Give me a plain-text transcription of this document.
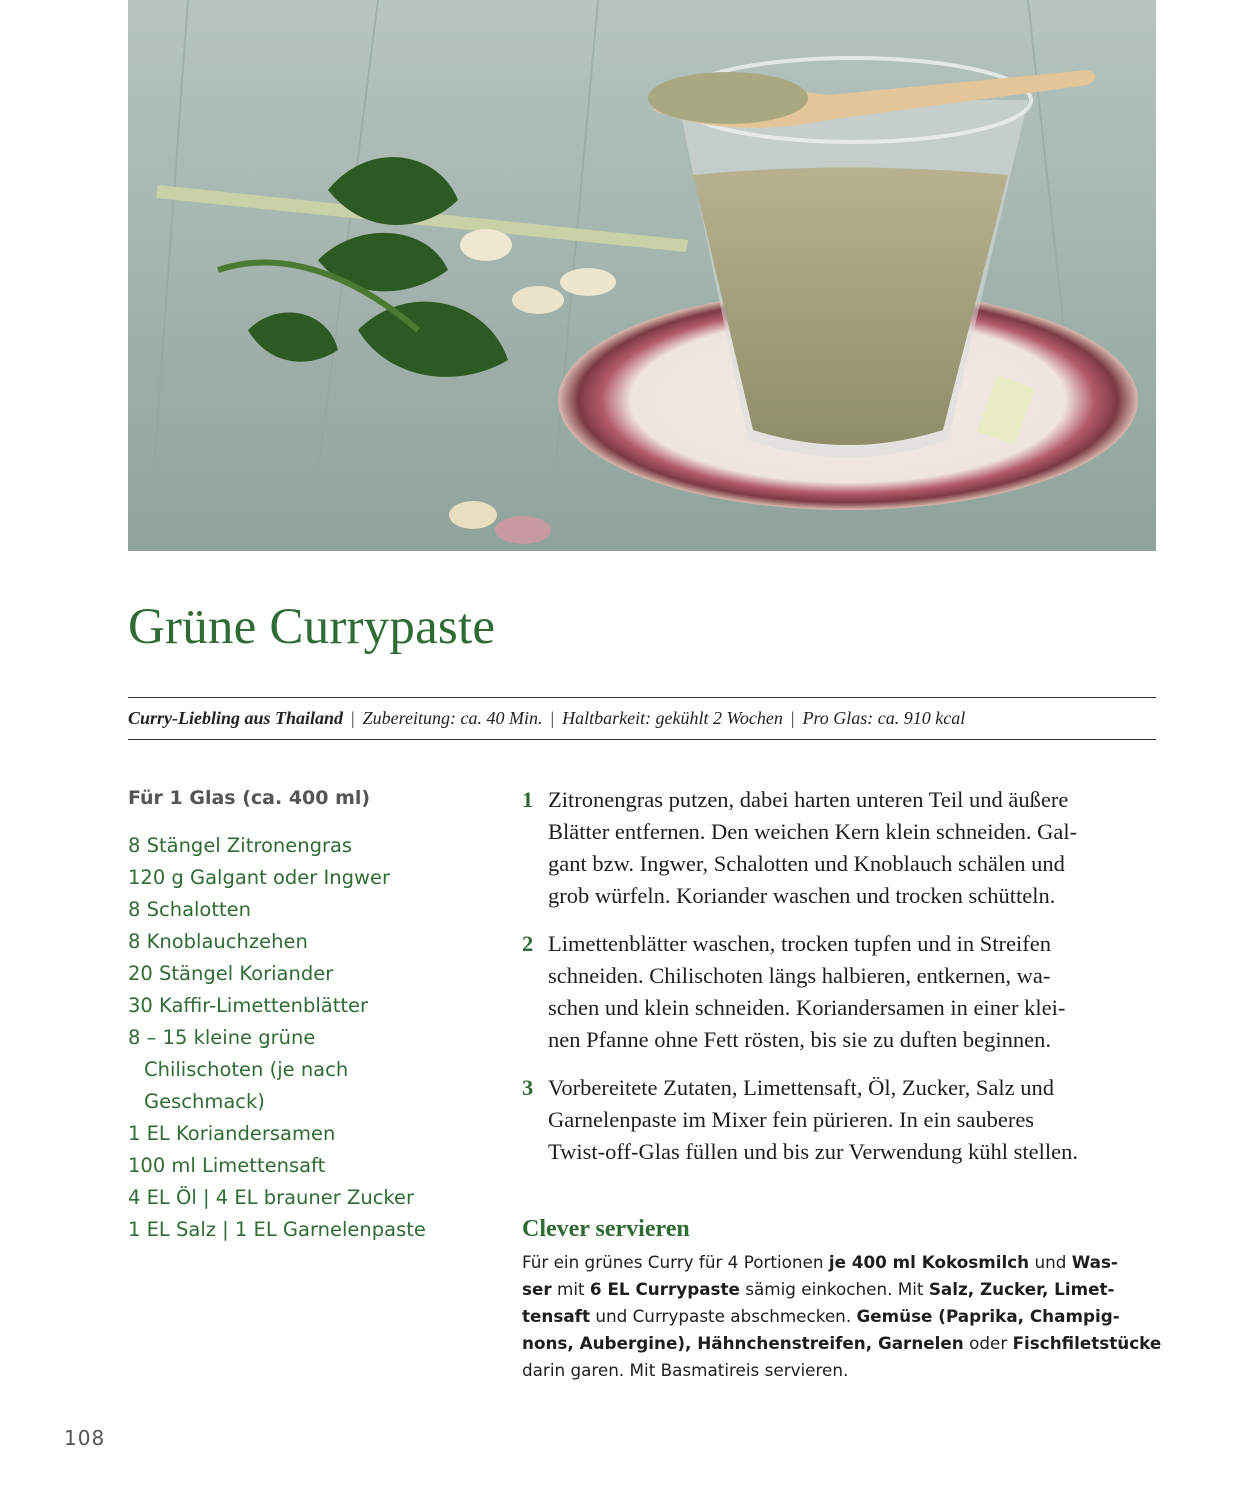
Grüne Currypaste
Curry-Liebling aus Thailand | Zubereitung: ca. 40 Min. | Haltbarkeit: gekühlt 2 Wochen | Pro Glas: ca. 910 kcal

Für 1 Glas (ca. 400 ml)

8 Stängel Zitronengras
120 g Galgant oder Ingwer
8 Schalotten
8 Knoblauchzehen
20 Stängel Koriander
30 Kaffir-Limettenblätter
8 – 15 kleine grüne
Chilischoten (je nach
Geschmack)
1 EL Koriandersamen
100 ml Limettensaft
4 EL Öl | 4 EL brauner Zucker
1 EL Salz | 1 EL Garnelenpaste
1 Zitronengras putzen, dabei harten unteren Teil und äußere
Blätter entfernen. Den weichen Kern klein schneiden. Gal-
gant bzw. Ingwer, Schalotten und Knoblauch schälen und
grob würfeln. Koriander waschen und trocken schütteln.
2 Limettenblätter waschen, trocken tupfen und in Streifen
schneiden. Chilischoten längs halbieren, entkernen, wa-
schen und klein schneiden. Koriandersamen in einer klei-
nen Pfanne ohne Fett rösten, bis sie zu duften beginnen.
3 Vorbereitete Zutaten, Limettensaft, Öl, Zucker, Salz und
Garnelenpaste im Mixer fein pürieren. In ein sauberes
Twist-off-Glas füllen und bis zur Verwendung kühl stellen.
Clever servieren
Für ein grünes Curry für 4 Portionen je 400 ml Kokosmilch und Was-
ser mit 6 EL Currypaste sämig einkochen. Mit Salz, Zucker, Limet-
tensaft und Currypaste abschmecken. Gemüse (Paprika, Champig-
nons, Aubergine), Hähnchenstreifen, Garnelen oder Fischfiletstücke
darin garen. Mit Basmatireis servieren.
108
